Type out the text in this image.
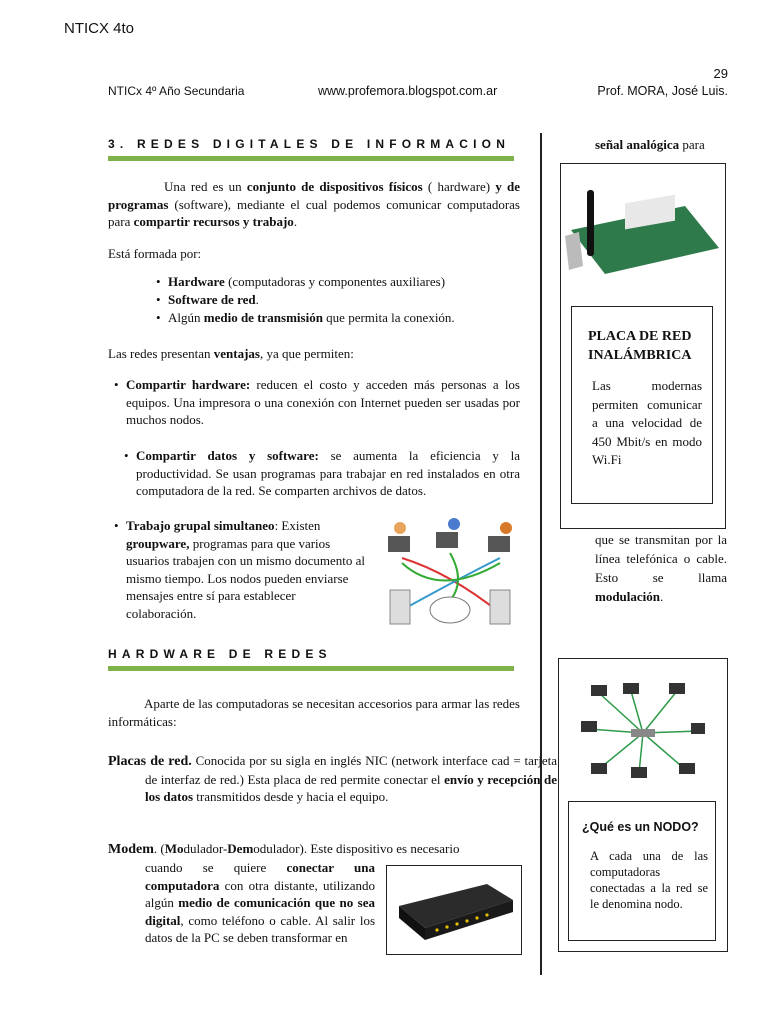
NTICX 4to
29
NTICx 4º Año Secundaria	www.profemora.blogspot.com.ar	Prof. MORA, José Luis.
3. REDES DIGITALES DE INFORMACION
Una red es un conjunto de dispositivos físicos ( hardware) y de programas (software), mediante el cual podemos comunicar computadoras para compartir recursos y trabajo.
Está formada por:
• Hardware (computadoras y componentes auxiliares)
• Software de red.
• Algún medio de transmisión que permita la conexión.
Las redes presentan ventajas, ya que permiten:
• Compartir hardware: reducen el costo y acceden más personas a los equipos. Una impresora o una conexión con Internet pueden ser usadas por muchos nodos.
• Compartir datos y software: se aumenta la eficiencia y la productividad. Se usan programas para trabajar en red instalados en otra computadora de la red. Se comparten archivos de datos.
• Trabajo grupal simultaneo: Existen groupware, programas para que varios usuarios trabajen con un mismo documento al mismo tiempo. Los nodos pueden enviarse mensajes entre sí para establecer colaboración.
HARDWARE DE REDES
Aparte de las computadoras se necesitan accesorios para armar las redes informáticas:
Placas de red. Conocida por su sigla en inglés NIC (network interface cad = tarjeta de interfaz de red.) Esta placa de red permite conectar el envío y recepción de los datos transmitidos desde y hacia el equipo.
Modem. (Modulador-Demodulador). Este dispositivo es necesario
cuando se quiere conectar una computadora con otra distante, utilizando algún medio de comunicación que no sea digital, como teléfono o cable. Al salir los datos de la PC se deben transformar en
señal analógica para
PLACA DE RED INALÁMBRICA
Las modernas permiten comunicar a una velocidad de 450 Mbit/s en modo Wi.Fi
que se transmitan por la línea telefónica o cable. Esto se llama modulación.
¿Qué es un NODO?
A cada una de las computadoras conectadas a la red se le denomina nodo.
